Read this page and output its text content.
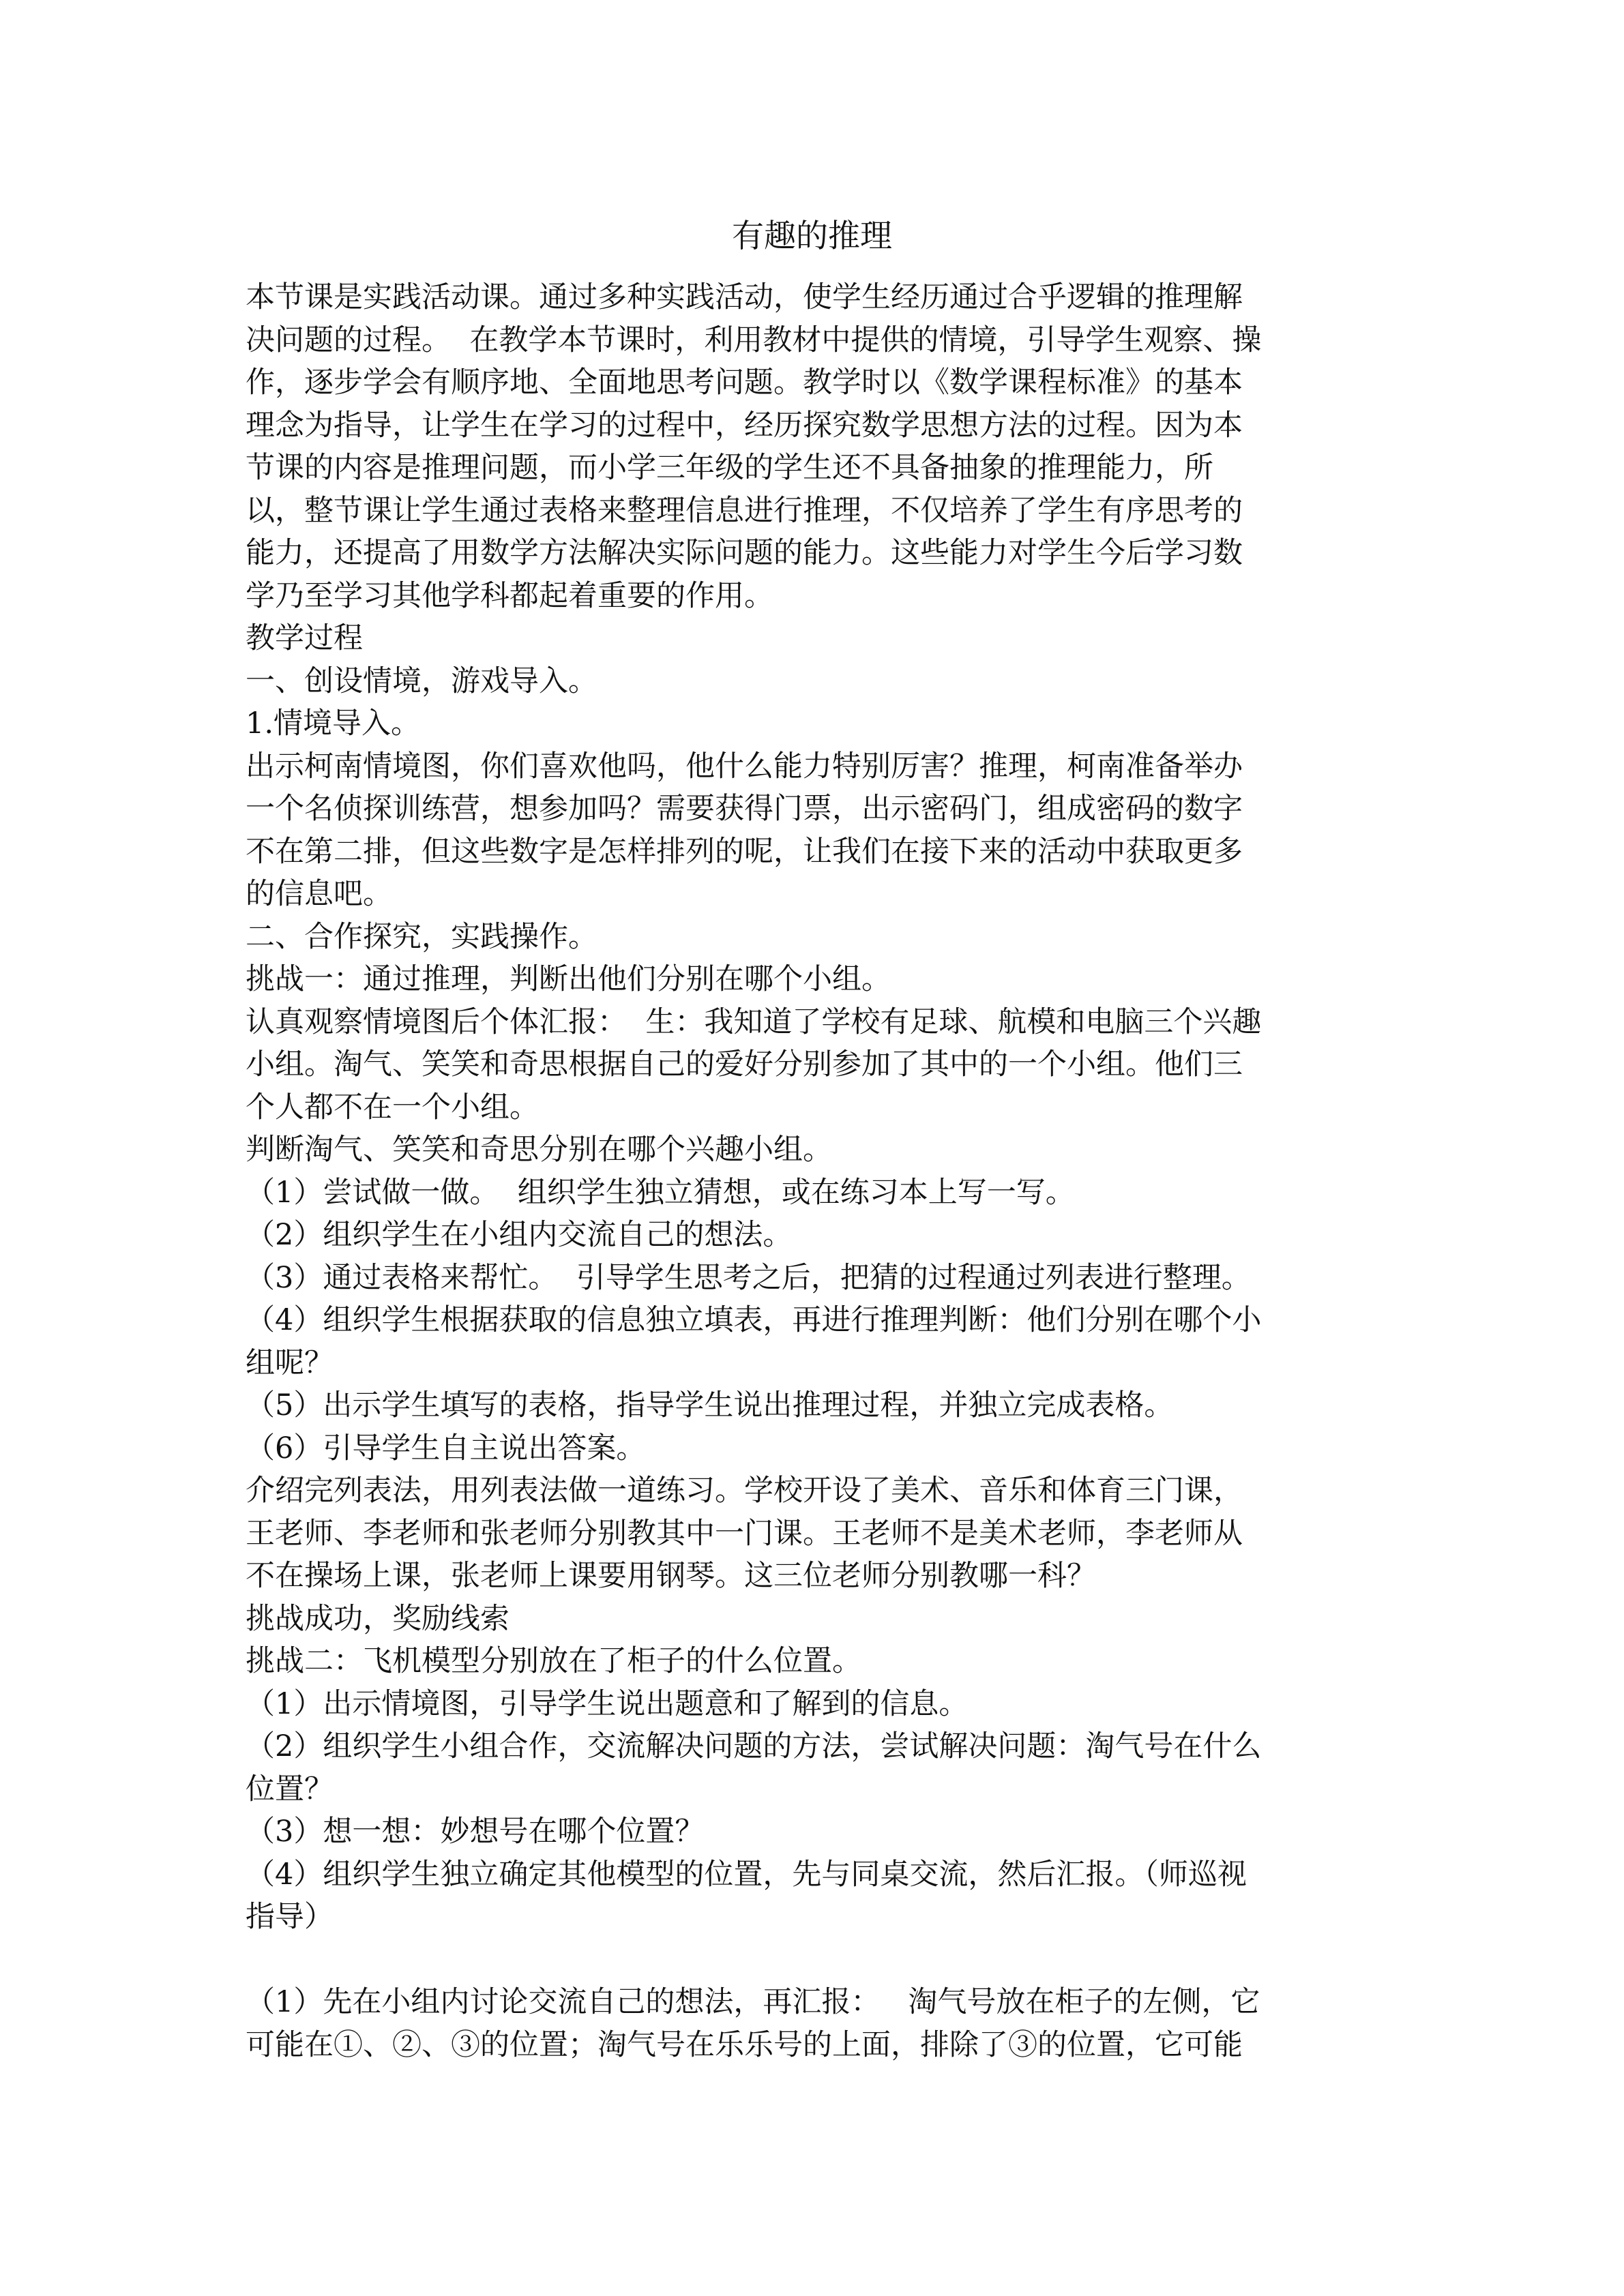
有趣的推理
本节课是实践活动课。通过多种实践活动，使学生经历通过合乎逻辑的推理解
决问题的过程。  在教学本节课时，利用教材中提供的情境，引导学生观察、操
作，逐步学会有顺序地、全面地思考问题。教学时以《数学课程标准》的基本
理念为指导，让学生在学习的过程中，经历探究数学思想方法的过程。因为本
节课的内容是推理问题，而小学三年级的学生还不具备抽象的推理能力，所
以，整节课让学生通过表格来整理信息进行推理，不仅培养了学生有序思考的
能力，还提高了用数学方法解决实际问题的能力。这些能力对学生今后学习数
学乃至学习其他学科都起着重要的作用。
教学过程
一、创设情境，游戏导入。
1.情境导入。
出示柯南情境图，你们喜欢他吗，他什么能力特别厉害？推理，柯南准备举办
一个名侦探训练营，想参加吗？需要获得门票，出示密码门，组成密码的数字
不在第二排，但这些数字是怎样排列的呢，让我们在接下来的活动中获取更多
的信息吧。
二、合作探究，实践操作。
挑战一：通过推理，判断出他们分别在哪个小组。
认真观察情境图后个体汇报：  生：我知道了学校有足球、航模和电脑三个兴趣
小组。淘气、笑笑和奇思根据自己的爱好分别参加了其中的一个小组。他们三
个人都不在一个小组。
判断淘气、笑笑和奇思分别在哪个兴趣小组。
（1）尝试做一做。  组织学生独立猜想，或在练习本上写一写。
（2）组织学生在小组内交流自己的想法。
（3）通过表格来帮忙。  引导学生思考之后，把猜的过程通过列表进行整理。
（4）组织学生根据获取的信息独立填表，再进行推理判断：他们分别在哪个小
组呢？
（5）出示学生填写的表格，指导学生说出推理过程，并独立完成表格。
（6）引导学生自主说出答案。
介绍完列表法，用列表法做一道练习。学校开设了美术、音乐和体育三门课，
王老师、李老师和张老师分别教其中一门课。王老师不是美术老师，李老师从
不在操场上课，张老师上课要用钢琴。这三位老师分别教哪一科？
挑战成功，奖励线索
挑战二：飞机模型分别放在了柜子的什么位置。
（1）出示情境图，引导学生说出题意和了解到的信息。
（2）组织学生小组合作，交流解决问题的方法，尝试解决问题：淘气号在什么
位置？
（3）想一想：妙想号在哪个位置？
（4）组织学生独立确定其他模型的位置，先与同桌交流，然后汇报。（师巡视
指导）
（1）先在小组内讨论交流自己的想法，再汇报：   淘气号放在柜子的左侧，它
可能在①、②、③的位置；淘气号在乐乐号的上面，排除了③的位置，它可能
